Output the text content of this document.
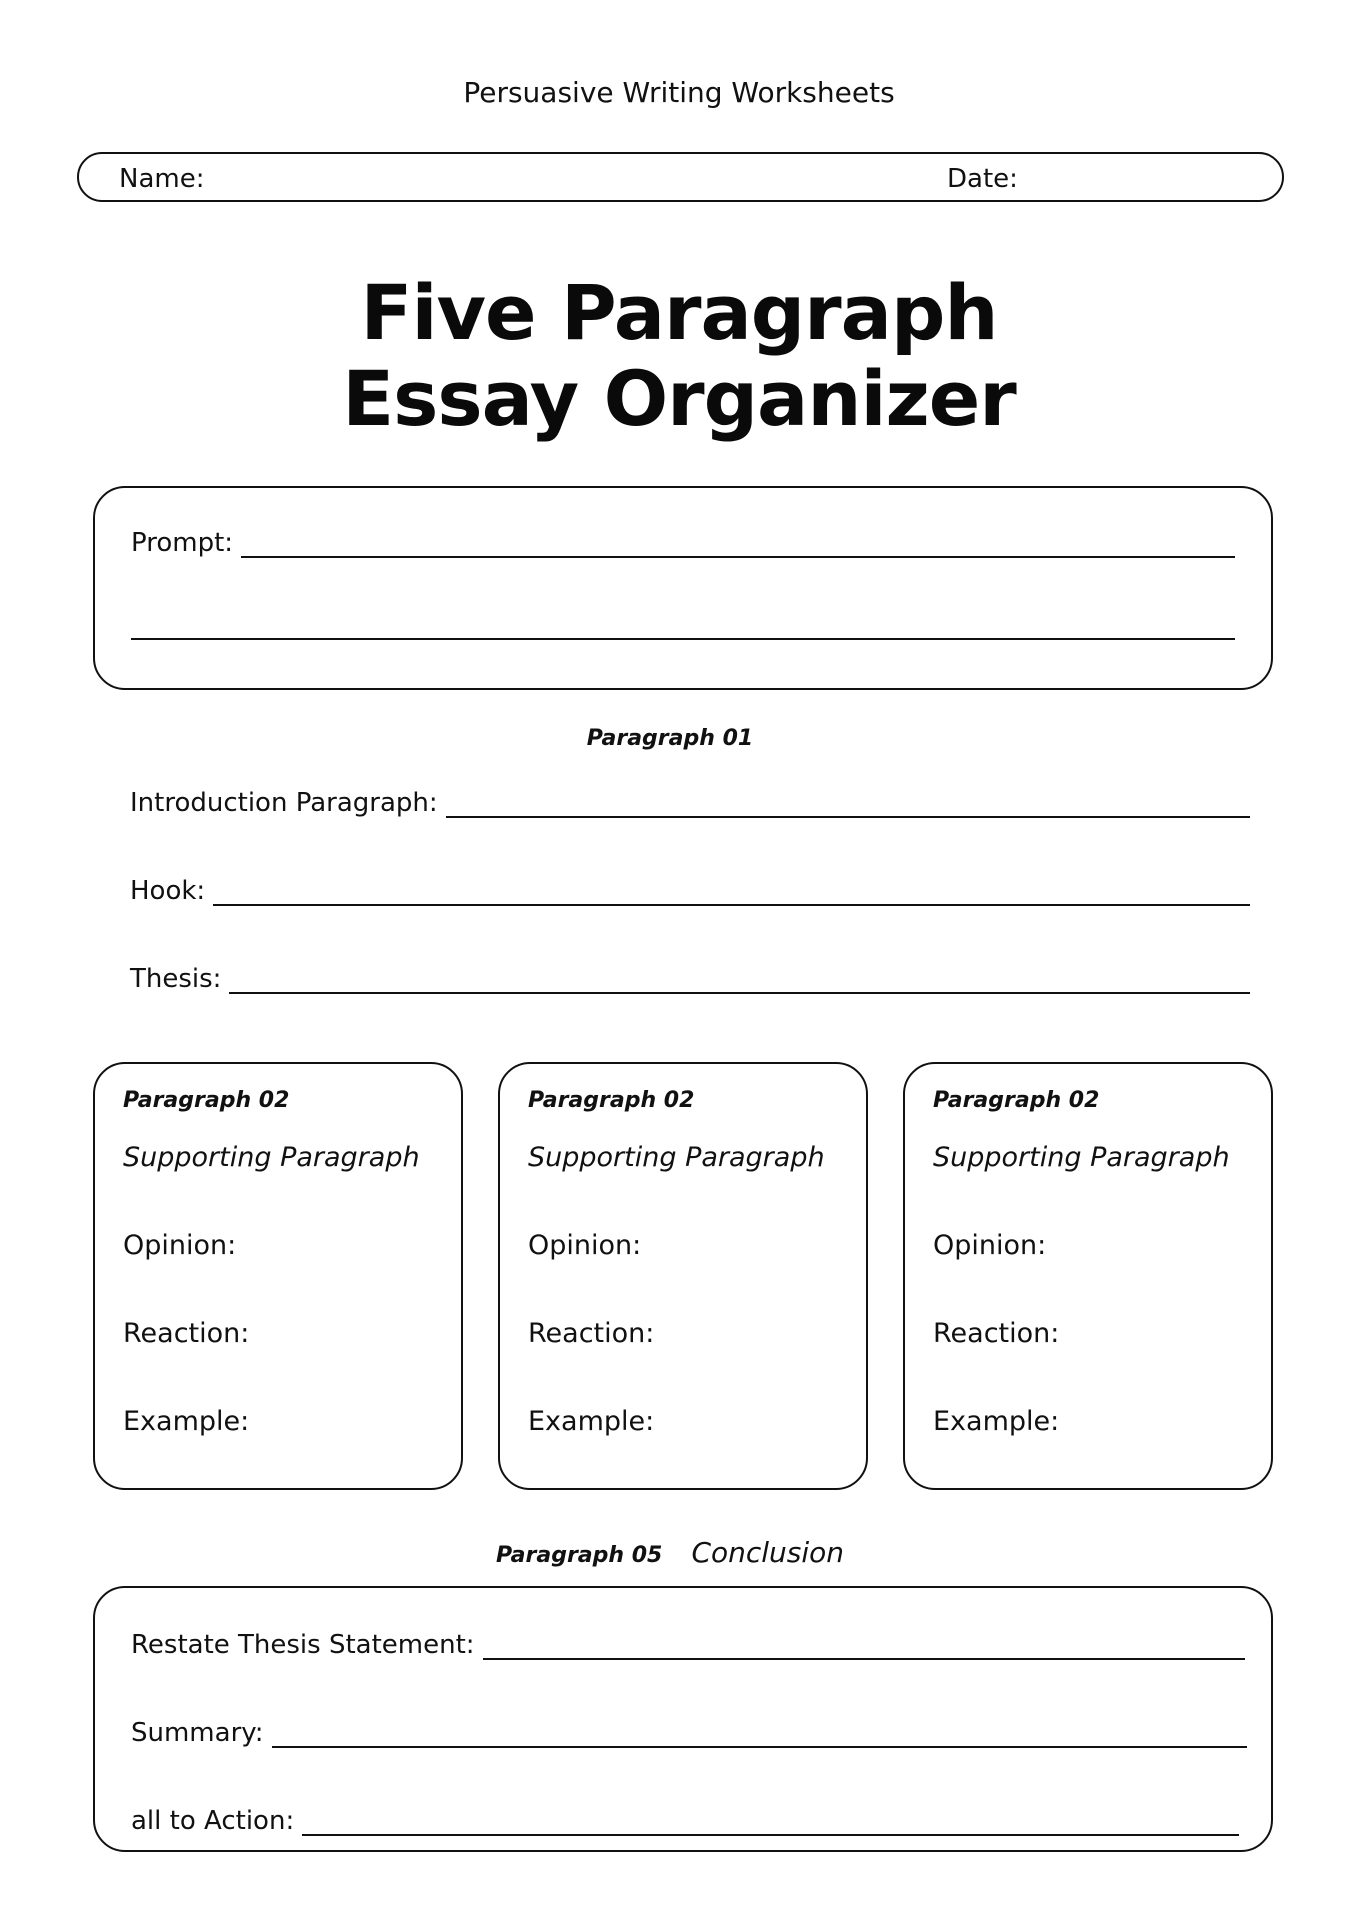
Persuasive Writing Worksheets
Name:	Date:
Five Paragraph
Essay Organizer
Prompt:
Paragraph 01
Introduction Paragraph:
Hook:
Thesis:
Paragraph 02
Supporting Paragraph
Opinion:
Reaction:
Example:
Paragraph 02
Supporting Paragraph
Opinion:
Reaction:
Example:
Paragraph 02
Supporting Paragraph
Opinion:
Reaction:
Example:
Paragraph 05 Conclusion
Restate Thesis Statement:
Summary:
all to Action:
